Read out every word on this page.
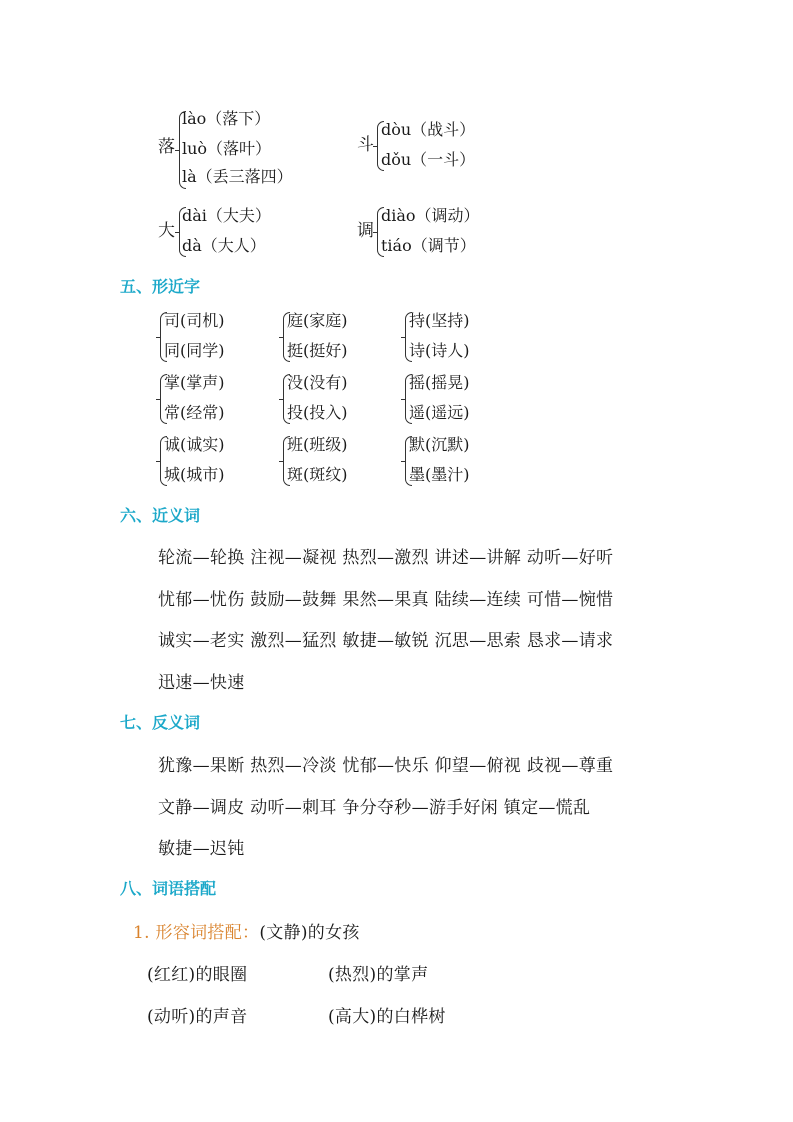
落
lào（落下）
luò（落叶）
là（丢三落四）
斗
dòu（战斗）
dǒu（一斗）
大
dài（大夫）
dà（大人）
调
diào（调动）
tiáo（调节）
五、形近字
司(司机)
同(同学)
庭(家庭)
挺(挺好)
持(坚持)
诗(诗人)
掌(掌声)
常(经常)
没(没有)
投(投入)
摇(摇晃)
遥(遥远)
诚(诚实)
城(城市)
班(班级)
斑(斑纹)
默(沉默)
墨(墨汁)
六、近义词
轮流—轮换 注视—凝视 热烈—激烈 讲述—讲解 动听—好听
忧郁—忧伤 鼓励—鼓舞 果然—果真 陆续—连续 可惜—惋惜
诚实—老实 激烈—猛烈 敏捷—敏锐 沉思—思索 恳求—请求
迅速—快速
七、反义词
犹豫—果断 热烈—冷淡 忧郁—快乐 仰望—俯视 歧视—尊重
文静—调皮 动听—刺耳 争分夺秒—游手好闲 镇定—慌乱
敏捷—迟钝
八、词语搭配
1. 形容词搭配：(文静)的女孩
(红红)的眼圈	(热烈)的掌声
(动听)的声音	(高大)的白桦树
